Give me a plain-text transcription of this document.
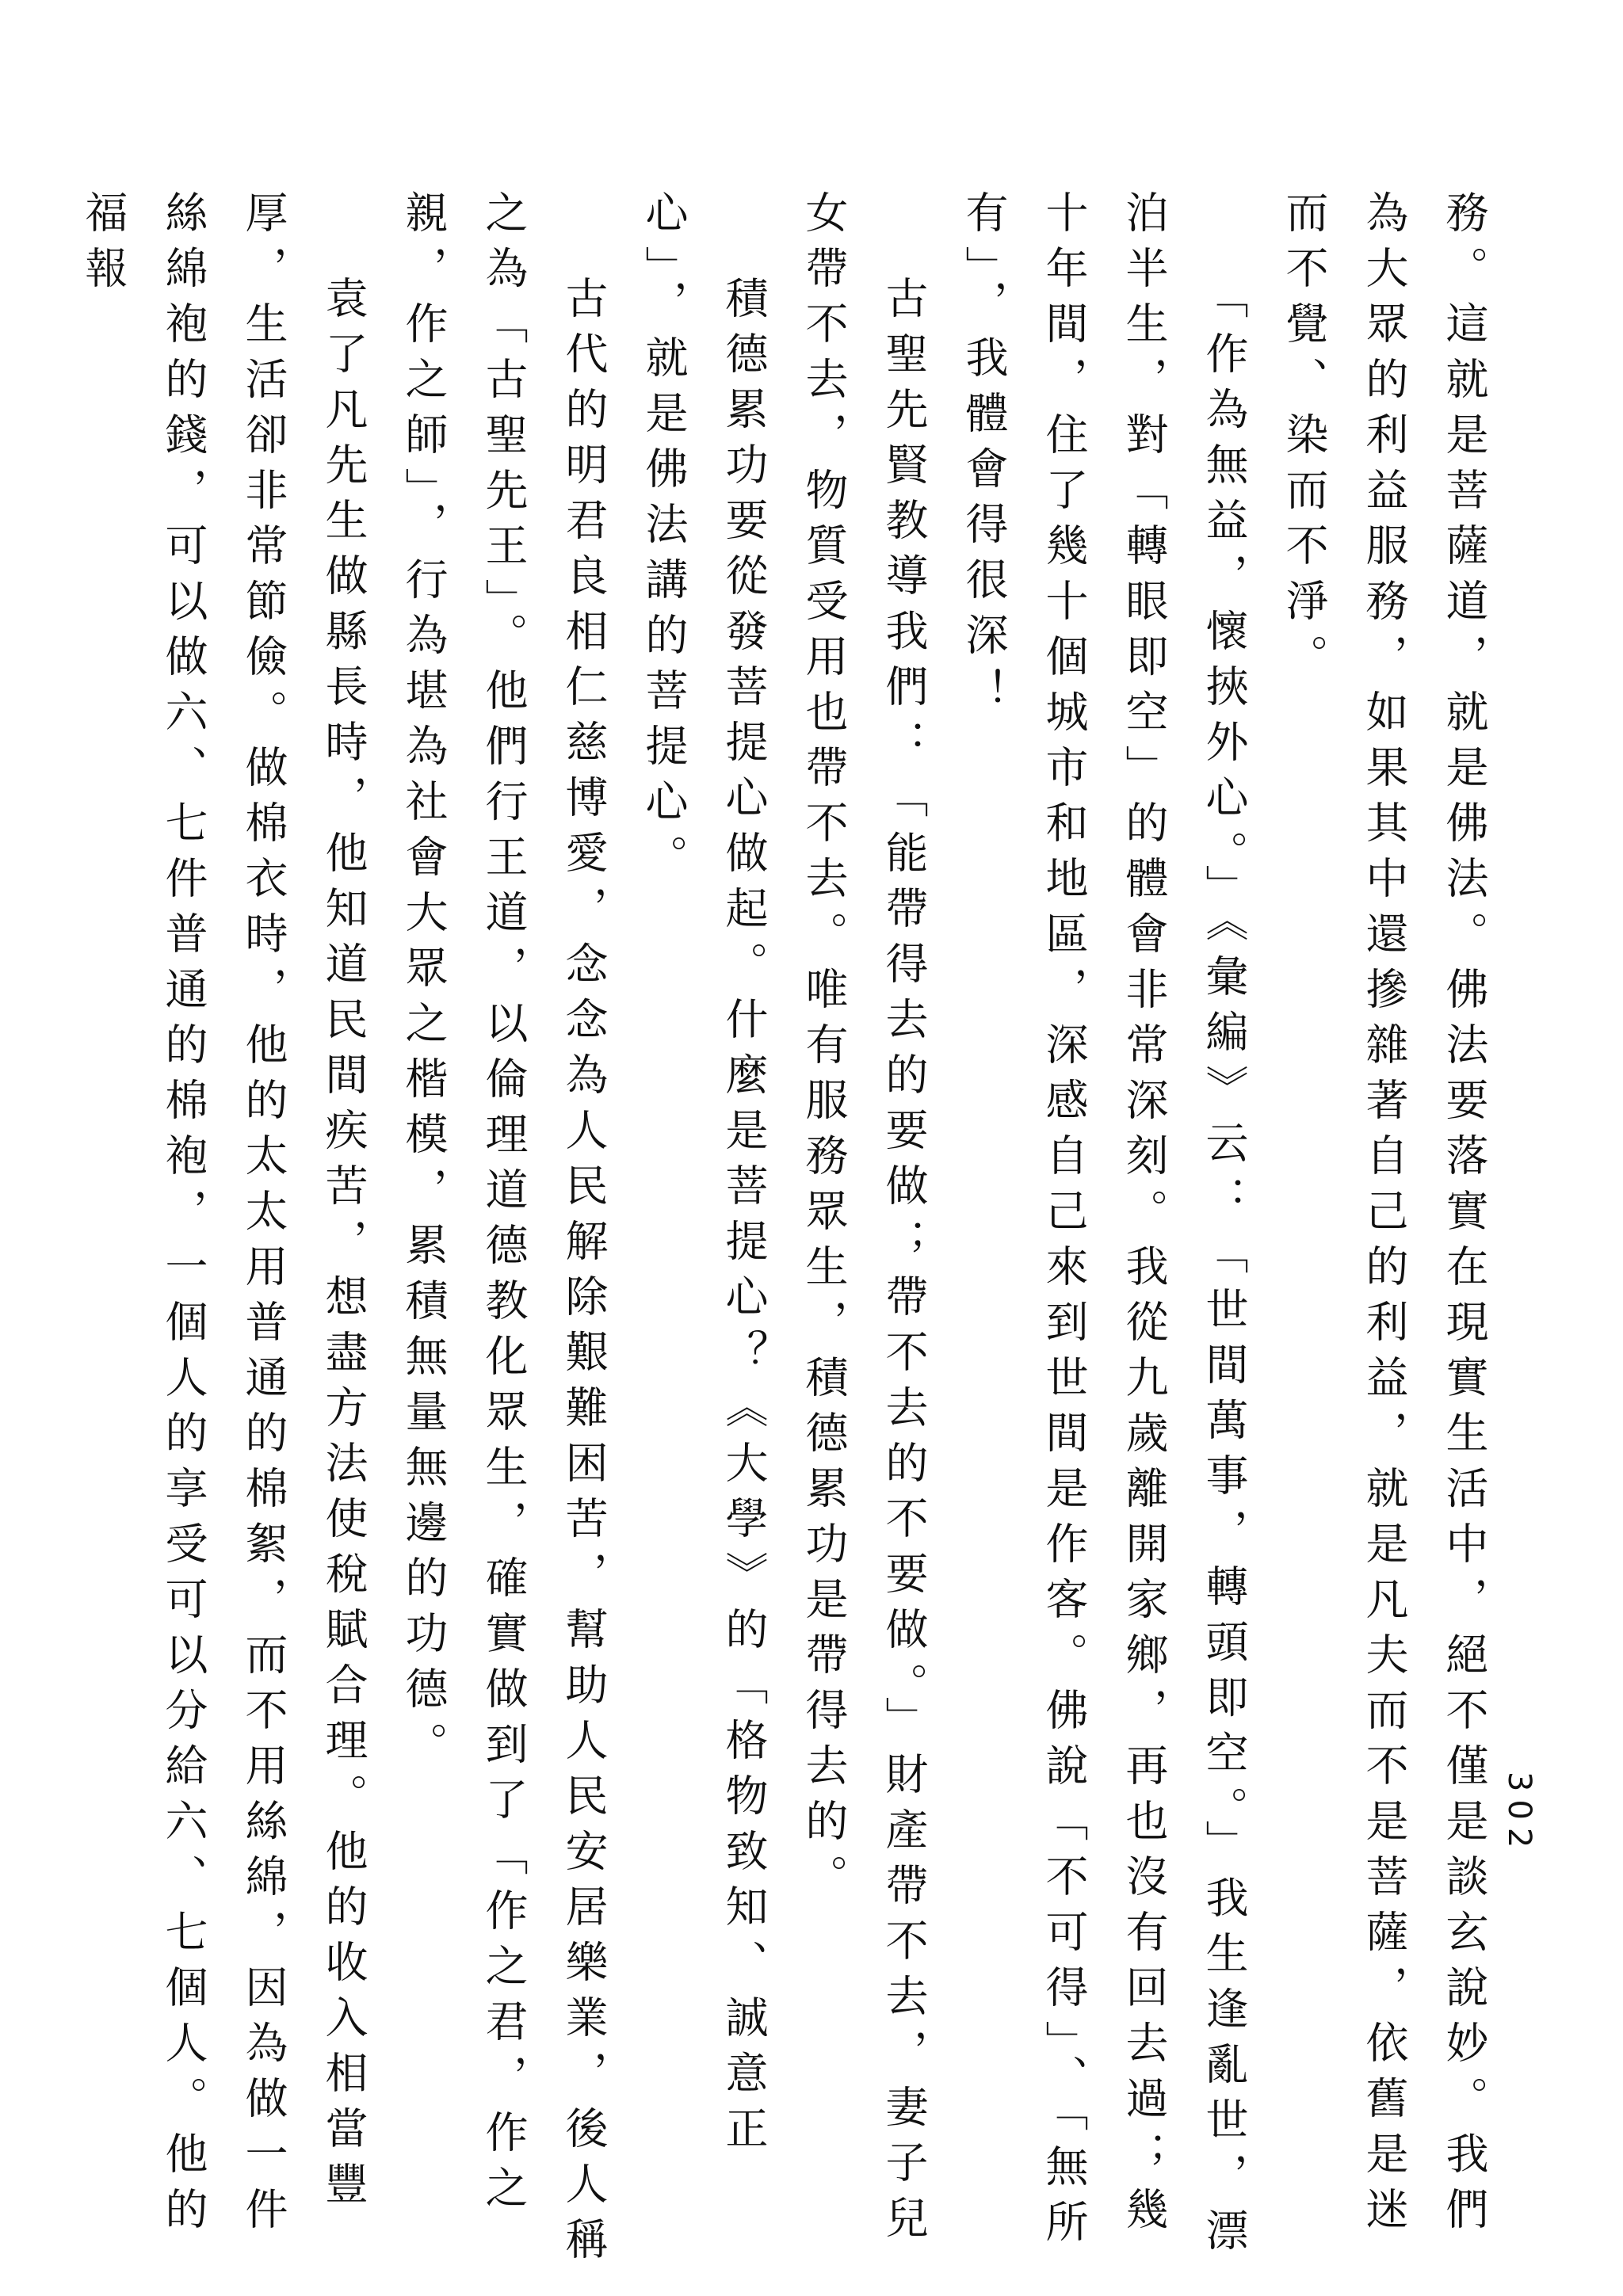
302

務。這就是菩薩道，就是佛法。佛法要落實在現實生活中，絕不僅是談玄說妙。我們為大眾的利益服務，如果其中還摻雜著自己的利益，就是凡夫而不是菩薩，依舊是迷而不覺、染而不淨。

「作為無益，懷挾外心。」《彙編》云：「世間萬事，轉頭即空。」我生逢亂世，漂泊半生，對「轉眼即空」的體會非常深刻。我從九歲離開家鄉，再也沒有回去過；幾十年間，住了幾十個城市和地區，深感自己來到世間是作客。佛說「不可得」、「無所有」，我體會得很深！

古聖先賢教導我們：「能帶得去的要做；帶不去的不要做。」財產帶不去，妻子兒女帶不去，物質受用也帶不去。唯有服務眾生，積德累功是帶得去的。

積德累功要從發菩提心做起。什麼是菩提心？《大學》的「格物致知、誠意正心」，就是佛法講的菩提心。

古代的明君良相仁慈博愛，念念為人民解除艱難困苦，幫助人民安居樂業，後人稱之為「古聖先王」。他們行王道，以倫理道德教化眾生，確實做到了「作之君，作之親，作之師」，行為堪為社會大眾之楷模，累積無量無邊的功德。

袁了凡先生做縣長時，他知道民間疾苦，想盡方法使稅賦合理。他的收入相當豐厚，生活卻非常節儉。做棉衣時，他的太太用普通的棉絮，而不用絲綿，因為做一件絲綿袍的錢，可以做六、七件普通的棉袍，一個人的享受可以分給六、七個人。他的福報
